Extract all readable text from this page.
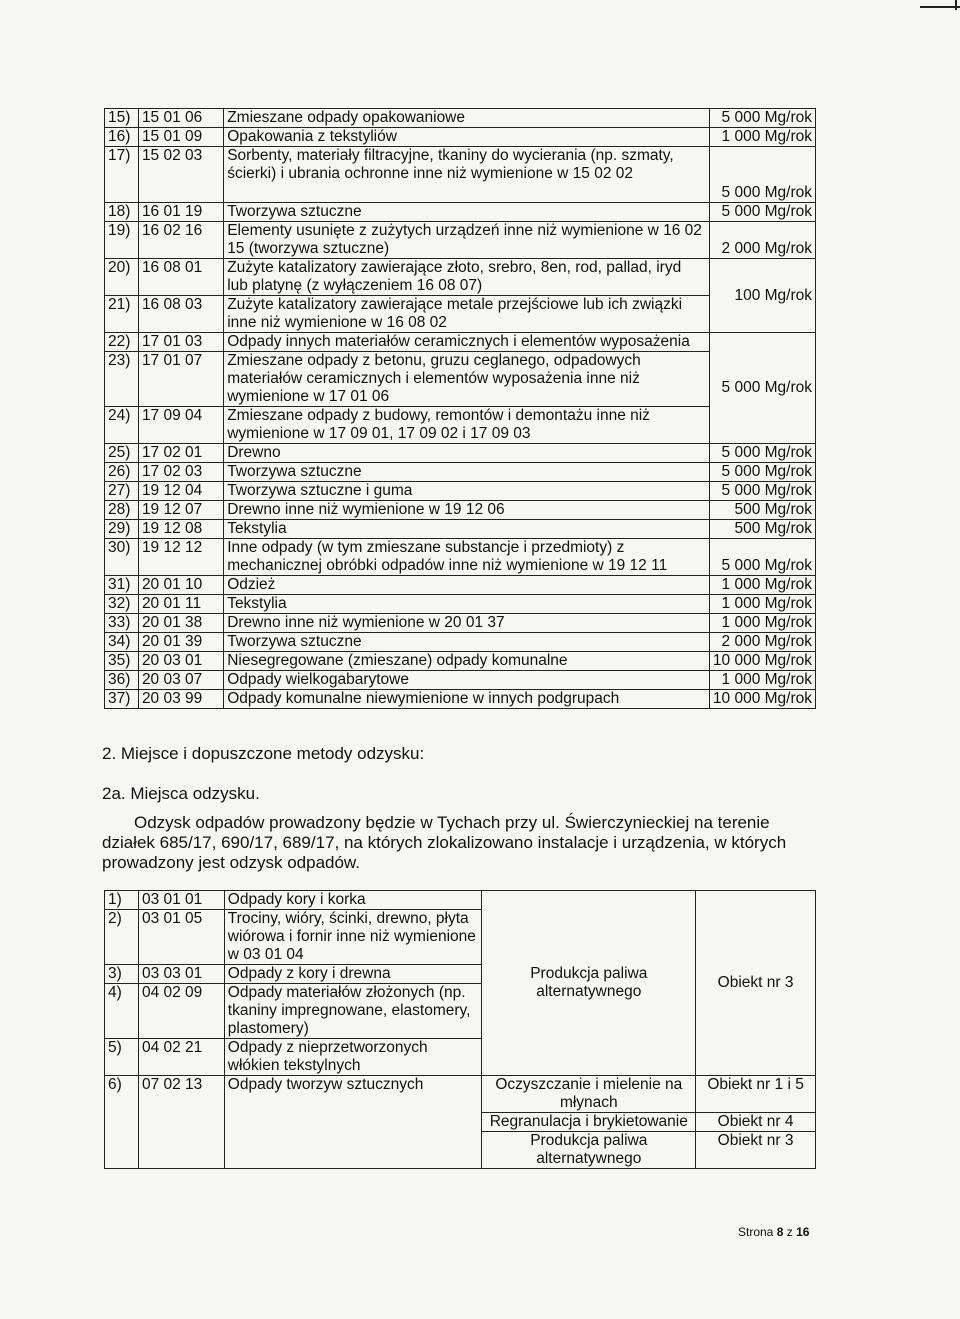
15)	15 01 06	Zmieszane odpady opakowaniowe	5 000 Mg/rok
16)	15 01 09	Opakowania z tekstyliów	1 000 Mg/rok
17)	15 02 03	Sorbenty, materiały filtracyjne, tkaniny do wycierania (np. szmaty, ścierki) i ubrania ochronne inne niż wymienione w 15 02 02	5 000 Mg/rok
18)	16 01 19	Tworzywa sztuczne	5 000 Mg/rok
19)	16 02 16	Elementy usunięte z zużytych urządzeń inne niż wymienione w 16 02 15 (tworzywa sztuczne)	2 000 Mg/rok
20)	16 08 01	Zużyte katalizatory zawierające złoto, srebro, 8en, rod, pallad, iryd lub platynę (z wyłączeniem 16 08 07)	100 Mg/rok
21)	16 08 03	Zużyte katalizatory zawierające metale przejściowe lub ich związki inne niż wymienione w 16 08 02	
22)	17 01 03	Odpady innych materiałów ceramicznych i elementów wyposażenia	5 000 Mg/rok
23)	17 01 07	Zmieszane odpady z betonu, gruzu ceglanego, odpadowych materiałów ceramicznych i elementów wyposażenia inne niż wymienione w 17 01 06	
24)	17 09 04	Zmieszane odpady z budowy, remontów i demontażu inne niż wymienione w 17 09 01, 17 09 02 i 17 09 03	
25)	17 02 01	Drewno	5 000 Mg/rok
26)	17 02 03	Tworzywa sztuczne	5 000 Mg/rok
27)	19 12 04	Tworzywa sztuczne i guma	5 000 Mg/rok
28)	19 12 07	Drewno inne niż wymienione w 19 12 06	500 Mg/rok
29)	19 12 08	Tekstylia	500 Mg/rok
30)	19 12 12	Inne odpady (w tym zmieszane substancje i przedmioty) z mechanicznej obróbki odpadów inne niż wymienione w 19 12 11	5 000 Mg/rok
31)	20 01 10	Odzież	1 000 Mg/rok
32)	20 01 11	Tekstylia	1 000 Mg/rok
33)	20 01 38	Drewno inne niż wymienione w 20 01 37	1 000 Mg/rok
34)	20 01 39	Tworzywa sztuczne	2 000 Mg/rok
35)	20 03 01	Niesegregowane (zmieszane) odpady komunalne	10 000 Mg/rok
36)	20 03 07	Odpady wielkogabarytowe	1 000 Mg/rok
37)	20 03 99	Odpady komunalne niewymienione w innych podgrupach	10 000 Mg/rok
2. Miejsce i dopuszczone metody odzysku:
2a. Miejsca odzysku.
Odzysk odpadów prowadzony będzie w Tychach przy ul. Świerczynieckiej na terenie działek 685/17, 690/17, 689/17, na których zlokalizowano instalacje i urządzenia, w których prowadzony jest odzysk odpadów.
1)	03 01 01	Odpady kory i korka	Produkcja paliwa alternatywnego	Obiekt nr 3
2)	03 01 05	Trociny, wióry, ścinki, drewno, płyta wiórowa i fornir inne niż wymienione w 03 01 04		
3)	03 03 01	Odpady z kory i drewna		
4)	04 02 09	Odpady materiałów złożonych (np. tkaniny impregnowane, elastomery, plastomery)		
5)	04 02 21	Odpady z nieprzetworzonych włókien tekstylnych		
6)	07 02 13	Odpady tworzyw sztucznych	Oczyszczanie i mielenie na młynach	Obiekt nr 1 i 5
			Regranulacja i brykietowanie	Obiekt nr 4
			Produkcja paliwa alternatywnego	Obiekt nr 3
Strona 8 z 16
